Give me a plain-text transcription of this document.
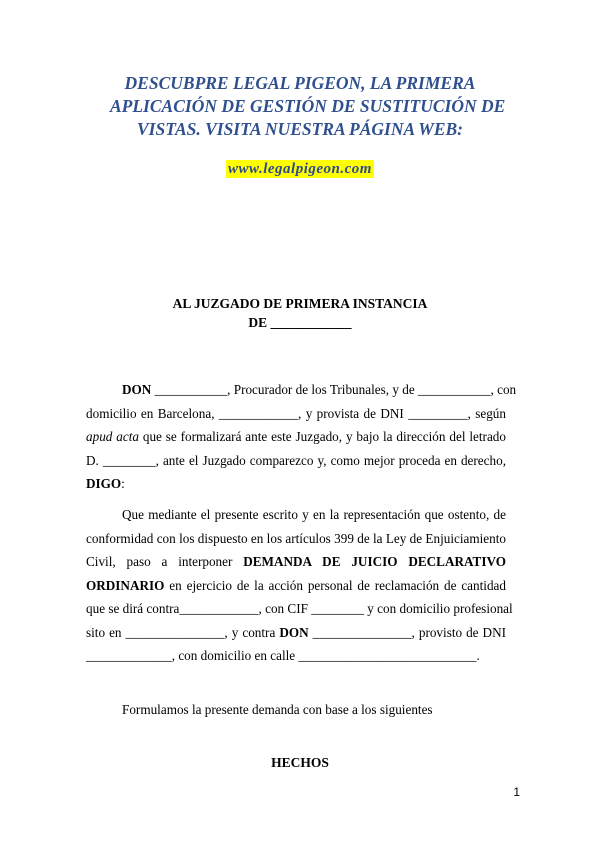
DESCUBPRE LEGAL PIGEON, LA PRIMERA
APLICACIÓN DE GESTIÓN DE SUSTITUCIÓN DE
VISTAS. VISITA NUESTRA PÁGINA WEB:
www.legalpigeon.com
AL JUZGADO DE PRIMERA INSTANCIA
DE ____________
DON ___________, Procurador de los Tribunales, y de ___________, con
domicilio en Barcelona, ____________, y provista de DNI _________, según
apud acta que se formalizará ante este Juzgado, y bajo la dirección del letrado
D. ________, ante el Juzgado comparezco y, como mejor proceda en derecho,
DIGO:
Que mediante el presente escrito y en la representación que ostento, de
conformidad con los dispuesto en los artículos 399 de la Ley de Enjuiciamiento
Civil, paso a interponer DEMANDA DE JUICIO DECLARATIVO
ORDINARIO en ejercicio de la acción personal de reclamación de cantidad
que se dirá contra____________, con CIF ________ y con domicilio profesional
sito en _______________, y contra DON _______________, provisto de DNI
_____________, con domicilio en calle ___________________________.
Formulamos la presente demanda con base a los siguientes
HECHOS
1
